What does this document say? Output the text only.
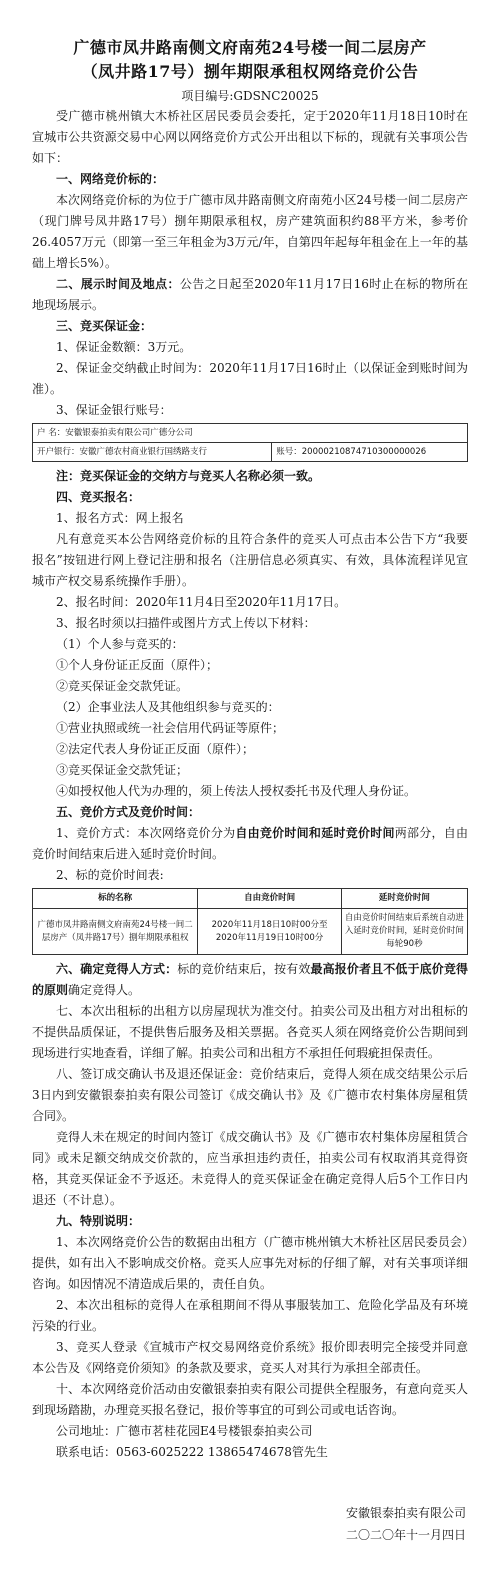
广德市凤井路南侧文府南苑24号楼一间二层房产
（凤井路17号）捌年期限承租权网络竞价公告
项目编号:GDSNC20025

受广德市桃州镇大木桥社区居民委员会委托，定于2020年11月18日10时在宣城市公共资源交易中心网以网络竞价方式公开出租以下标的，现就有关事项公告如下：

一、网络竞价标的：

本次网络竞价标的为位于广德市凤井路南侧文府南苑小区24号楼一间二层房产（现门牌号凤井路17号）捌年期限承租权，房产建筑面积约88平方米，参考价26.4057万元（即第一至三年租金为3万元/年，自第四年起每年租金在上一年的基础上增长5%）。

二、展示时间及地点：公告之日起至2020年11月17日16时止在标的物所在地现场展示。

三、竞买保证金：

1、保证金数额：3万元。

2、保证金交纳截止时间为：2020年11月17日16时止（以保证金到账时间为准）。

3、保证金银行账号：

户 名：安徽银泰拍卖有限公司广德分公司
开户银行：安徽广德农村商业银行国绣路支行	账号：20000210874710300000026

注：竞买保证金的交纳方与竞买人名称必须一致。

四、竞买报名：

1、报名方式：网上报名

凡有意竞买本公告网络竞价标的且符合条件的竞买人可点击本公告下方“我要报名”按钮进行网上登记注册和报名（注册信息必须真实、有效，具体流程详见宣城市产权交易系统操作手册）。

2、报名时间：2020年11月4日至2020年11月17日。

3、报名时须以扫描件或图片方式上传以下材料：

（1）个人参与竞买的：

①个人身份证正反面（原件）；

②竞买保证金交款凭证。

（2）企事业法人及其他组织参与竞买的：

①营业执照或统一社会信用代码证等原件；

②法定代表人身份证正反面（原件）；

③竞买保证金交款凭证；

④如授权他人代为办理的，须上传法人授权委托书及代理人身份证。

五、竞价方式及竞价时间：

1、竞价方式：本次网络竞价分为自由竞价时间和延时竞价时间两部分，自由竞价时间结束后进入延时竞价时间。

2、标的竞价时间表:

标的名称	自由竞价时间	延时竞价时间
广德市凤井路南侧文府南苑24号楼一间二层房产（凤井路17号）捌年期限承租权	2020年11月18日10时00分至2020年11月19日10时00分	自由竞价时间结束后系统自动进入延时竞价时间，延时竞价时间每轮90秒

六、确定竞得人方式：标的竞价结束后，按有效最高报价者且不低于底价竞得的原则确定竞得人。

七、本次出租标的出租方以房屋现状为准交付。拍卖公司及出租方对出租标的不提供品质保证，不提供售后服务及相关票据。各竞买人须在网络竞价公告期间到现场进行实地查看，详细了解。拍卖公司和出租方不承担任何瑕疵担保责任。

八、签订成交确认书及退还保证金：竞价结束后，竞得人须在成交结果公示后3日内到安徽银泰拍卖有限公司签订《成交确认书》及《广德市农村集体房屋租赁合同》。

竞得人未在规定的时间内签订《成交确认书》及《广德市农村集体房屋租赁合同》或未足额交纳成交价款的，应当承担违约责任，拍卖公司有权取消其竞得资格，其竞买保证金不予返还。未竞得人的竞买保证金在确定竞得人后5个工作日内退还（不计息）。

九、特别说明：

1、本次网络竞价公告的数据由出租方（广德市桃州镇大木桥社区居民委员会）提供，如有出入不影响成交价格。竞买人应事先对标的仔细了解，对有关事项详细咨询。如因情况不清造成后果的，责任自负。

2、本次出租标的竞得人在承租期间不得从事服装加工、危险化学品及有环境污染的行业。

3、竞买人登录《宣城市产权交易网络竞价系统》报价即表明完全接受并同意本公告及《网络竞价须知》的条款及要求，竞买人对其行为承担全部责任。

十、本次网络竞价活动由安徽银泰拍卖有限公司提供全程服务，有意向竞买人到现场踏勘，办理竞买报名登记，报价等事宜的可到公司或电话咨询。

公司地址：广德市茗桂花园E4号楼银泰拍卖公司

联系电话：0563-6025222 13865474678管先生

安徽银泰拍卖有限公司
二〇二〇年十一月四日
